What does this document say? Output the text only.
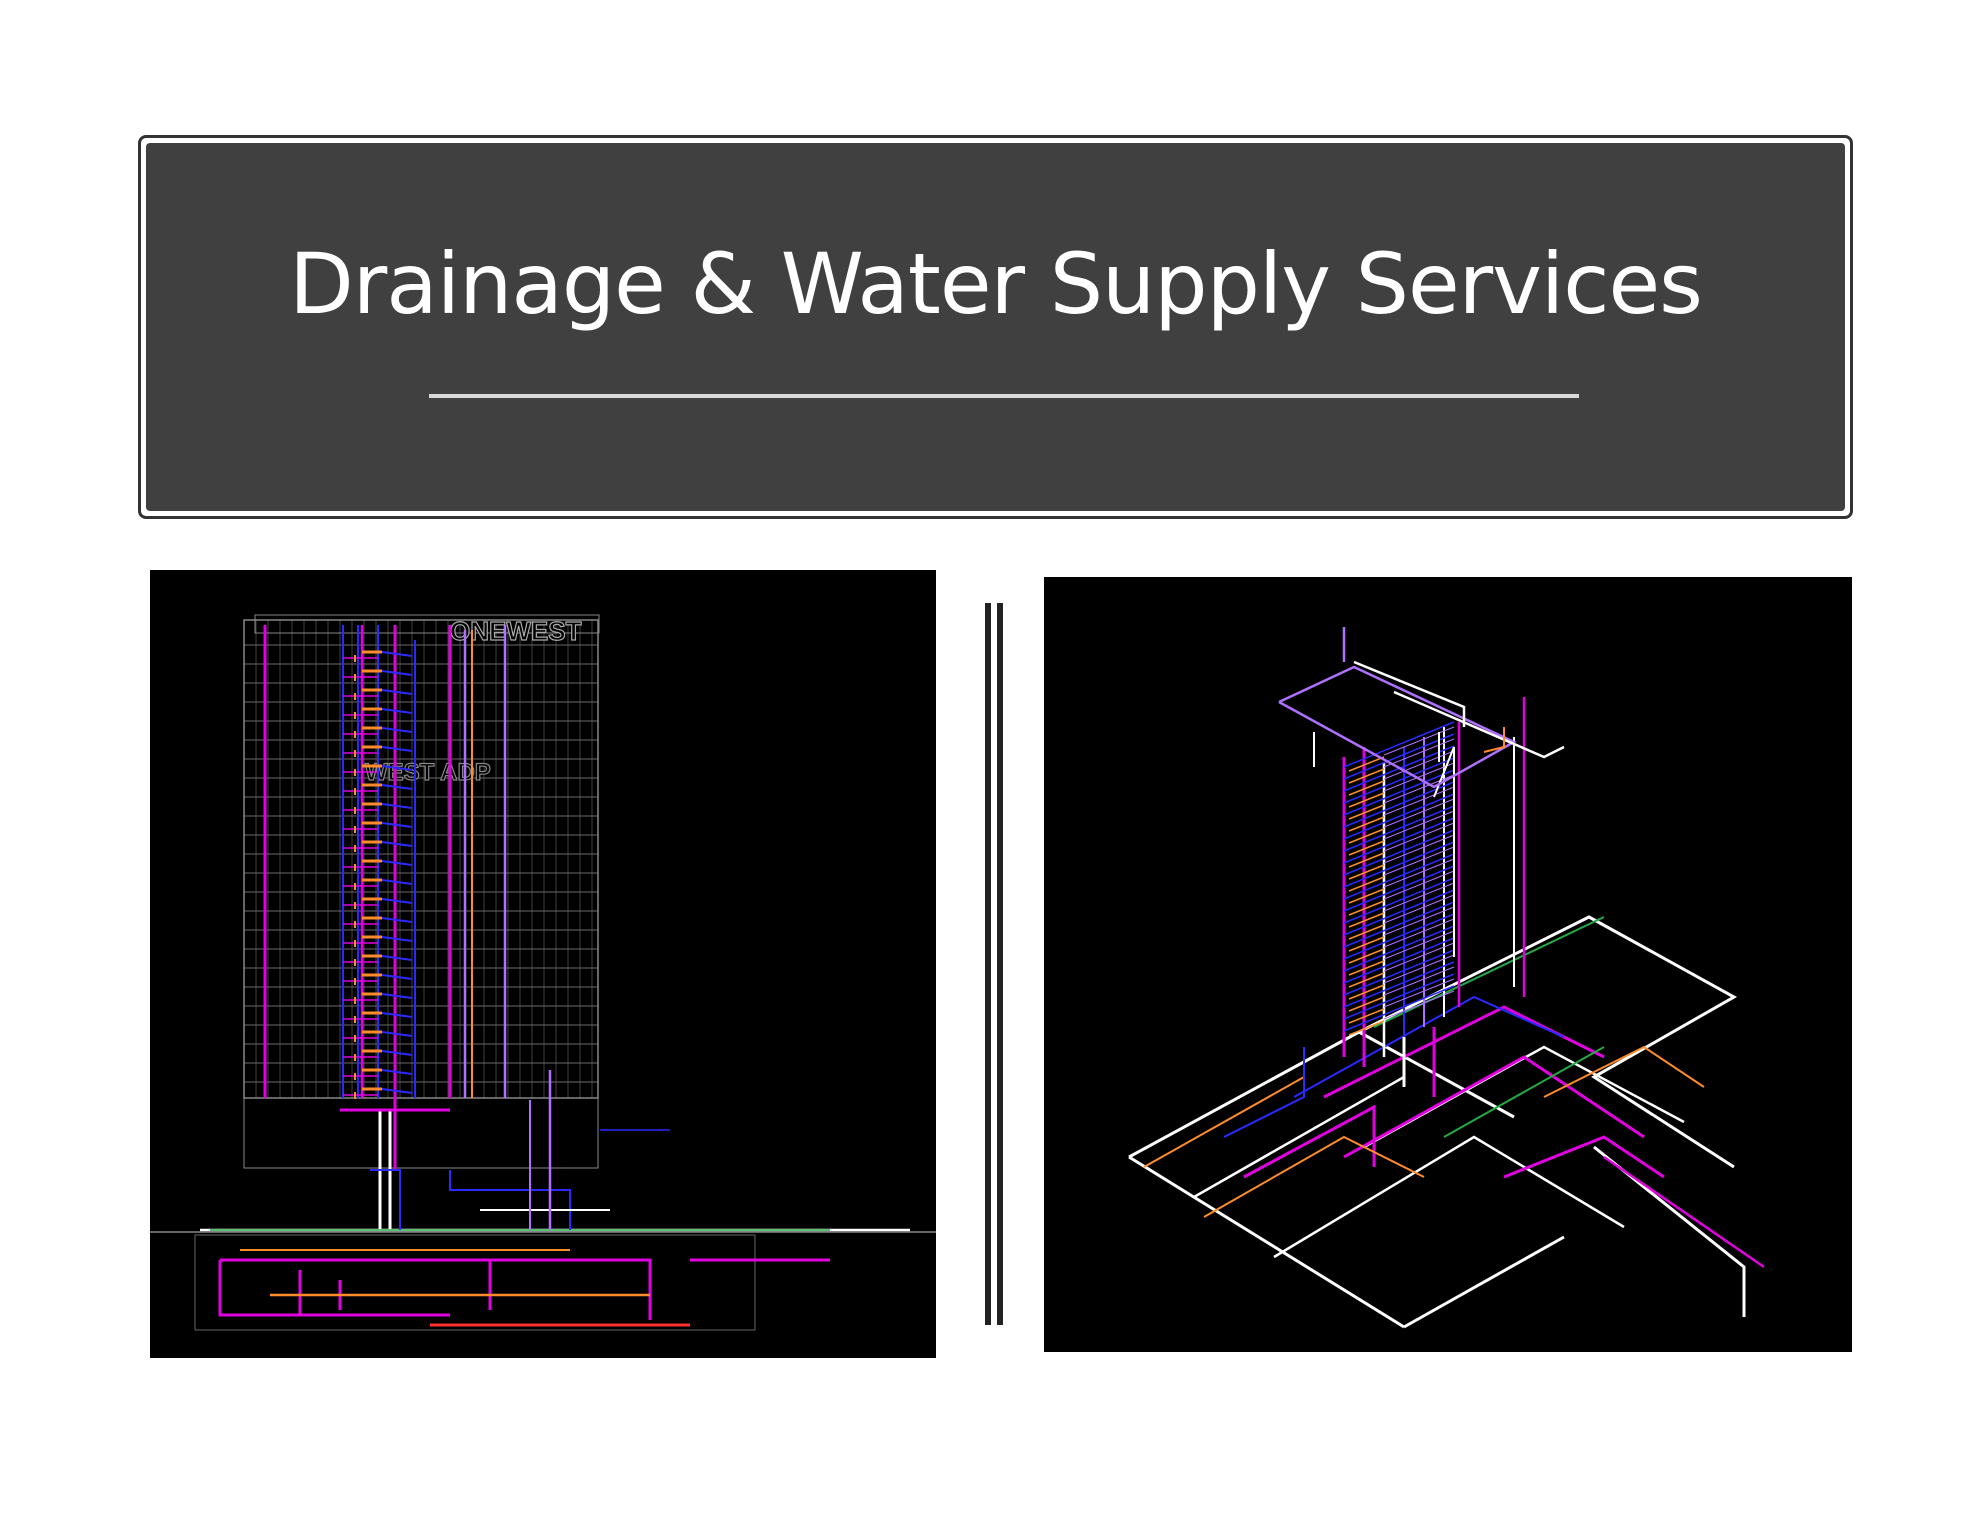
Drainage & Water Supply Services
ONEWEST
WEST ADP
